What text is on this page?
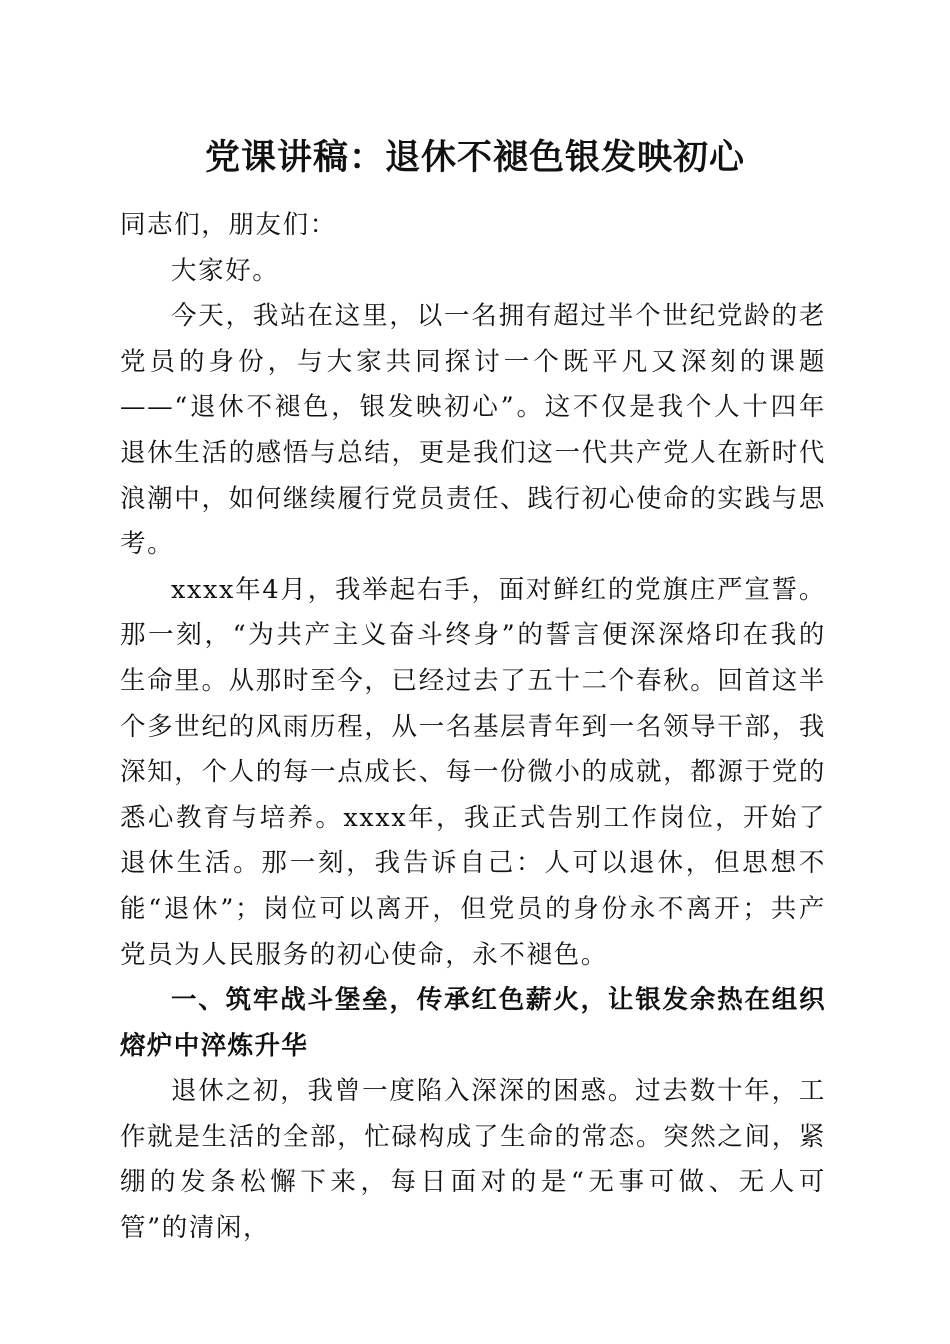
党课讲稿：退休不褪色银发映初心

同志们，朋友们：

大家好。

今天，我站在这里，以一名拥有超过半个世纪党龄的老党员的身份，与大家共同探讨一个既平凡又深刻的课题——“退休不褪色，银发映初心”。这不仅是我个人十四年退休生活的感悟与总结，更是我们这一代共产党人在新时代浪潮中，如何继续履行党员责任、践行初心使命的实践与思考。

xxxx年4月，我举起右手，面对鲜红的党旗庄严宣誓。那一刻，“为共产主义奋斗终身”的誓言便深深烙印在我的生命里。从那时至今，已经过去了五十二个春秋。回首这半个多世纪的风雨历程，从一名基层青年到一名领导干部，我深知，个人的每一点成长、每一份微小的成就，都源于党的悉心教育与培养。xxxx年，我正式告别工作岗位，开始了退休生活。那一刻，我告诉自己：人可以退休，但思想不能“退休”；岗位可以离开，但党员的身份永不离开；共产党员为人民服务的初心使命，永不褪色。

一、筑牢战斗堡垒，传承红色薪火，让银发余热在组织熔炉中淬炼升华

退休之初，我曾一度陷入深深的困惑。过去数十年，工作就是生活的全部，忙碌构成了生命的常态。突然之间，紧绷的发条松懈下来，每日面对的是“无事可做、无人可管”的清闲，
